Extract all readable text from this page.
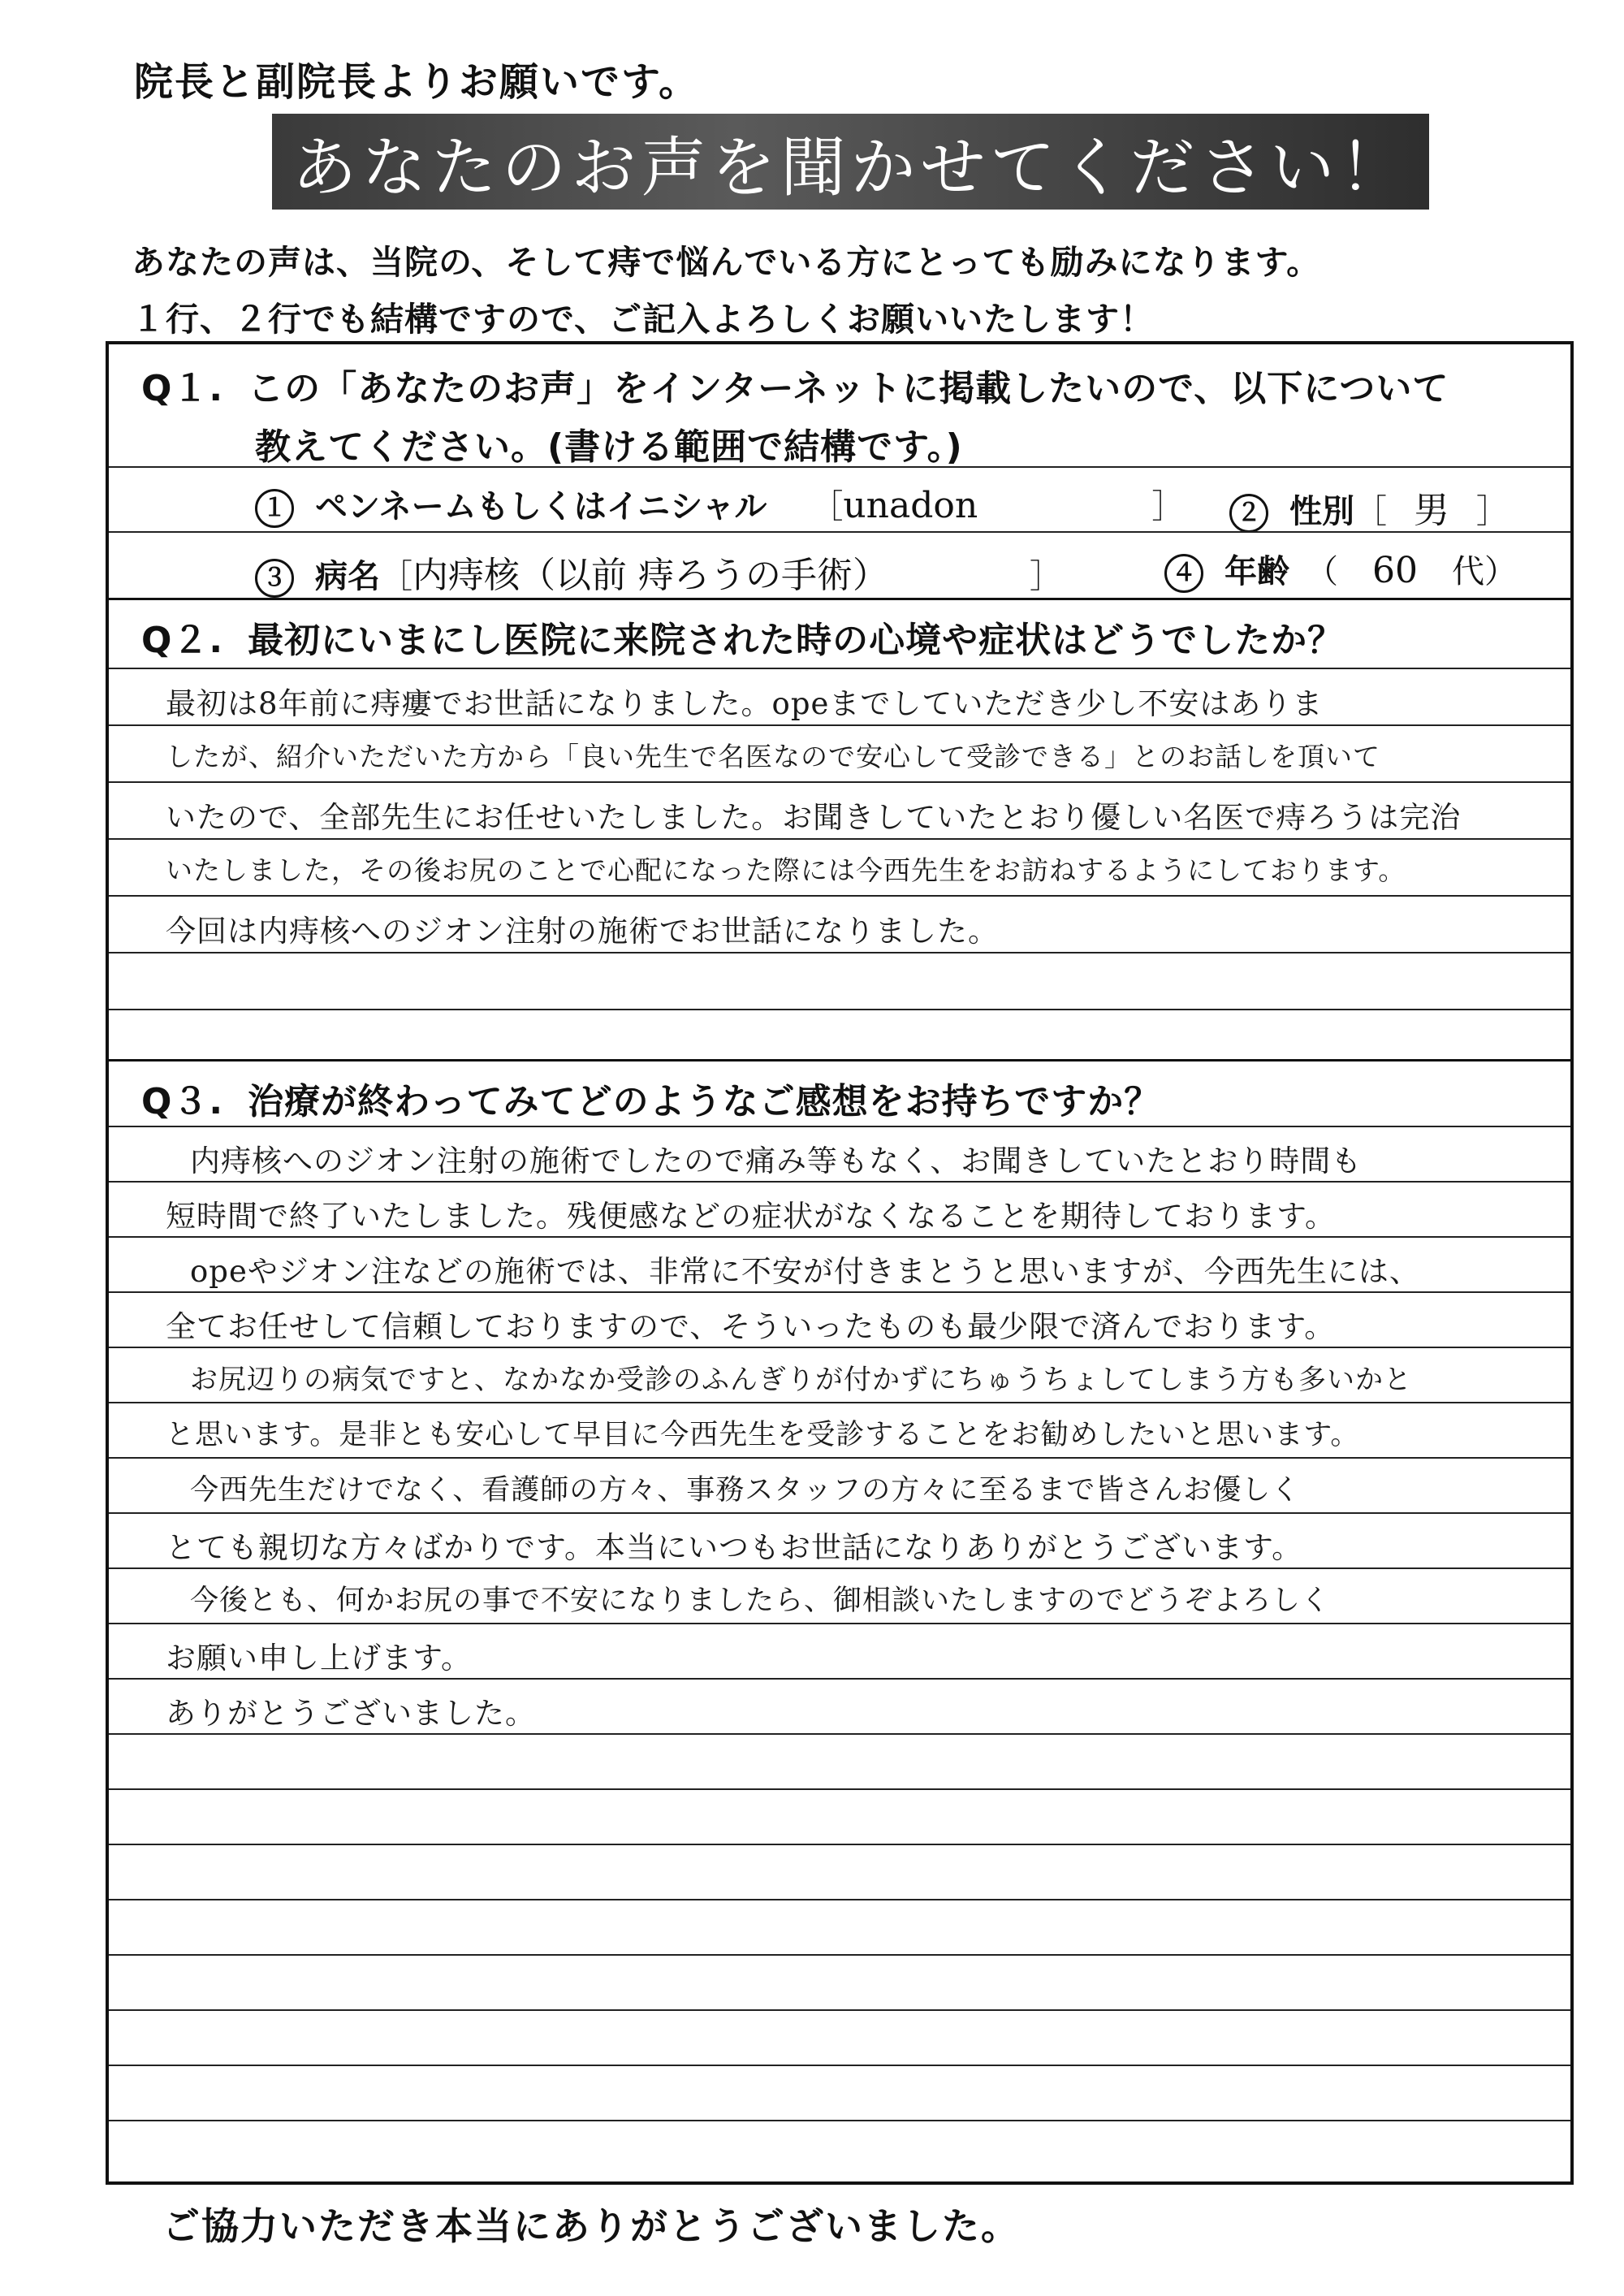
院長と副院長よりお願いです。
あなたのお声を聞かせてください！
あなたの声は、当院の、そして痔で悩んでいる方にとっても励みになります。
１行、２行でも結構ですので、ご記入よろしくお願いいたします！
Q１. この「あなたのお声」をインターネットに掲載したいので、以下について
教えてください。(書ける範囲で結構です。)
１ ペンネームもしくはイニシャル ［unadon	］	２ 性別［ 男 ］
３ 病名［内痔核（以前 痔ろうの手術）	］	４ 年齢 （ 60 代）
Q２. 最初にいまにし医院に来院された時の心境や症状はどうでしたか？
最初は8年前に痔瘻でお世話になりました。opeまでしていただき少し不安はありま
したが、紹介いただいた方から「良い先生で名医なので安心して受診できる」とのお話しを頂いて
いたので、全部先生にお任せいたしました。お聞きしていたとおり優しい名医で痔ろうは完治
いたしました，その後お尻のことで心配になった際には今西先生をお訪ねするようにしております。
今回は内痔核へのジオン注射の施術でお世話になりました。
Q３. 治療が終わってみてどのようなご感想をお持ちですか？
内痔核へのジオン注射の施術でしたので痛み等もなく、お聞きしていたとおり時間も
短時間で終了いたしました。残便感などの症状がなくなることを期待しております。
opeやジオン注などの施術では、非常に不安が付きまとうと思いますが、今西先生には、
全てお任せして信頼しておりますので、そういったものも最少限で済んでおります。
お尻辺りの病気ですと、なかなか受診のふんぎりが付かずにちゅうちょしてしまう方も多いかと
と思います。是非とも安心して早目に今西先生を受診することをお勧めしたいと思います。
今西先生だけでなく、看護師の方々、事務スタッフの方々に至るまで皆さんお優しく
とても親切な方々ばかりです。本当にいつもお世話になりありがとうございます。
今後とも、何かお尻の事で不安になりましたら、御相談いたしますのでどうぞよろしく
お願い申し上げます。
ありがとうございました。
ご協力いただき本当にありがとうございました。
